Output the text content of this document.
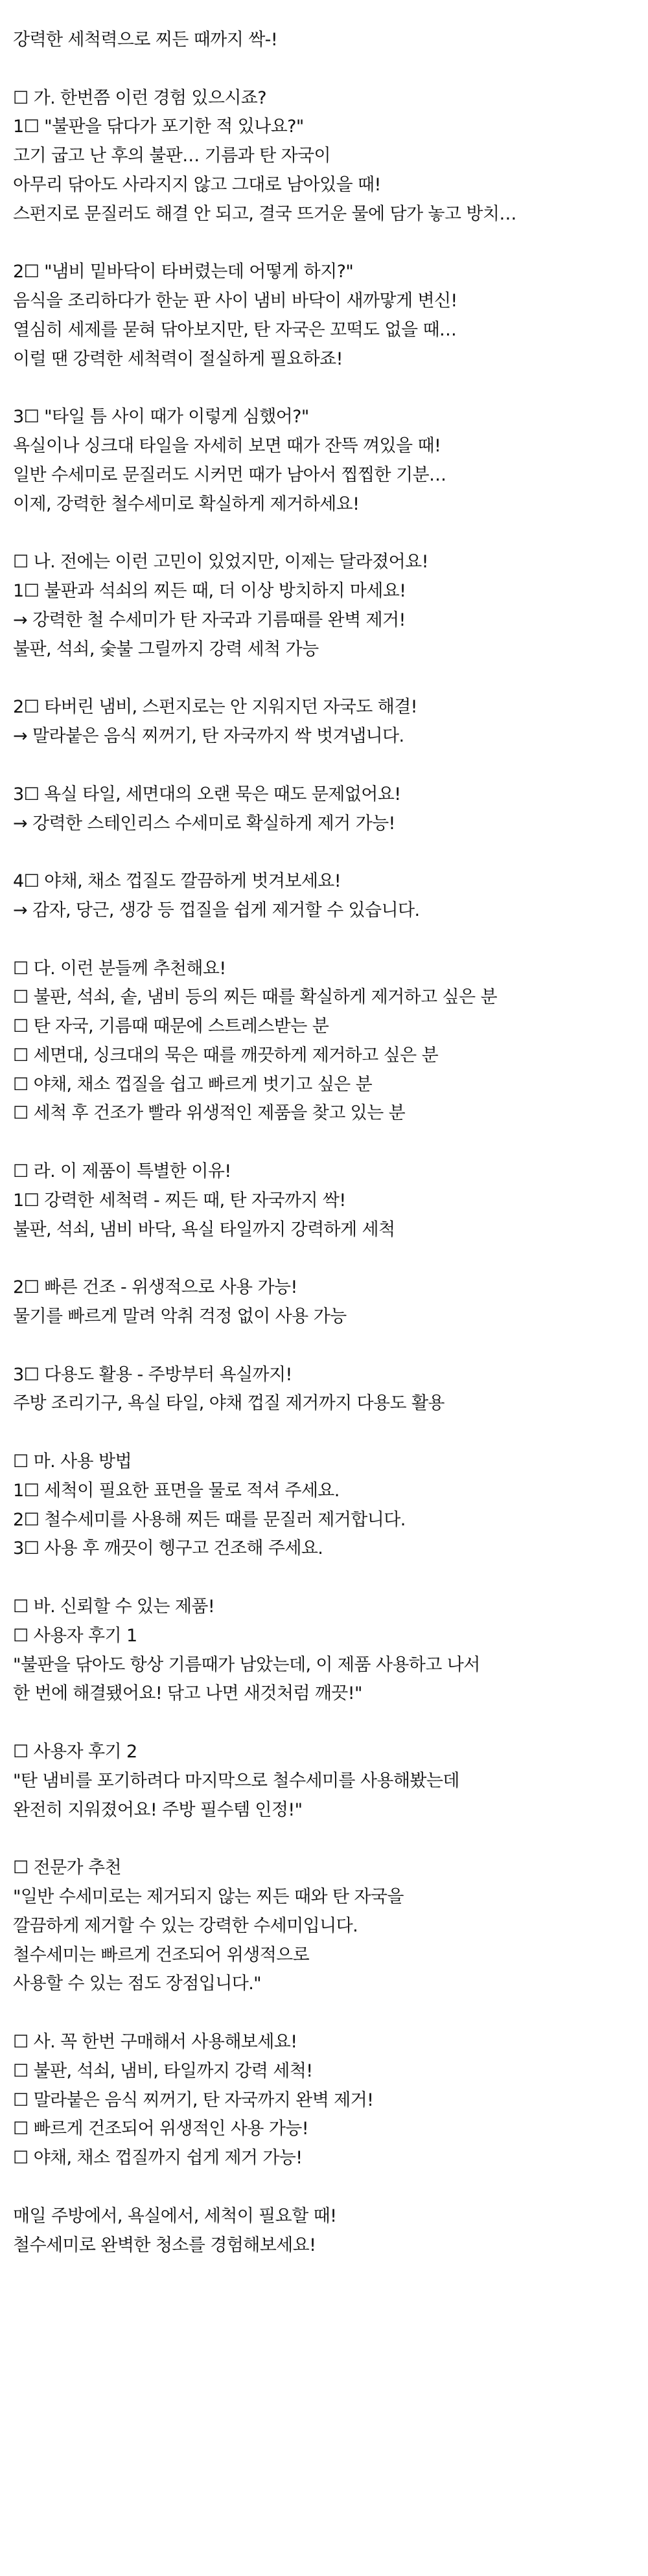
강력한 세척력으로 찌든 때까지 싹-!

☐ 가. 한번쯤 이런 경험 있으시죠?

1☐ "불판을 닦다가 포기한 적 있나요?"

고기 굽고 난 후의 불판… 기름과 탄 자국이

아무리 닦아도 사라지지 않고 그대로 남아있을 때!

스펀지로 문질러도 해결 안 되고, 결국 뜨거운 물에 담가 놓고 방치…

2☐ "냄비 밑바닥이 타버렸는데 어떻게 하지?"

음식을 조리하다가 한눈 판 사이 냄비 바닥이 새까맣게 변신!

열심히 세제를 묻혀 닦아보지만, 탄 자국은 꼬떡도 없을 때…

이럴 땐 강력한 세척력이 절실하게 필요하죠!

3☐ "타일 틈 사이 때가 이렇게 심했어?"

욕실이나 싱크대 타일을 자세히 보면 때가 잔뜩 껴있을 때!

일반 수세미로 문질러도 시커먼 때가 남아서 찝찝한 기분…

이제, 강력한 철수세미로 확실하게 제거하세요!

☐ 나. 전에는 이런 고민이 있었지만, 이제는 달라졌어요!

1☐ 불판과 석쇠의 찌든 때, 더 이상 방치하지 마세요!

→ 강력한 철 수세미가 탄 자국과 기름때를 완벽 제거!

불판, 석쇠, 숯불 그릴까지 강력 세척 가능

2☐ 타버린 냄비, 스펀지로는 안 지워지던 자국도 해결!

→ 말라붙은 음식 찌꺼기, 탄 자국까지 싹 벗겨냅니다.

3☐ 욕실 타일, 세면대의 오랜 묵은 때도 문제없어요!

→ 강력한 스테인리스 수세미로 확실하게 제거 가능!

4☐ 야채, 채소 껍질도 깔끔하게 벗겨보세요!

→ 감자, 당근, 생강 등 껍질을 쉽게 제거할 수 있습니다.

☐ 다. 이런 분들께 추천해요!

☐ 불판, 석쇠, 솥, 냄비 등의 찌든 때를 확실하게 제거하고 싶은 분

☐ 탄 자국, 기름때 때문에 스트레스받는 분

☐ 세면대, 싱크대의 묵은 때를 깨끗하게 제거하고 싶은 분

☐ 야채, 채소 껍질을 쉽고 빠르게 벗기고 싶은 분

☐ 세척 후 건조가 빨라 위생적인 제품을 찾고 있는 분

☐ 라. 이 제품이 특별한 이유!

1☐ 강력한 세척력 - 찌든 때, 탄 자국까지 싹!

불판, 석쇠, 냄비 바닥, 욕실 타일까지 강력하게 세척

2☐ 빠른 건조 - 위생적으로 사용 가능!

물기를 빠르게 말려 악취 걱정 없이 사용 가능

3☐ 다용도 활용 - 주방부터 욕실까지!

주방 조리기구, 욕실 타일, 야채 껍질 제거까지 다용도 활용

☐ 마. 사용 방법

1☐ 세척이 필요한 표면을 물로 적셔 주세요.

2☐ 철수세미를 사용해 찌든 때를 문질러 제거합니다.

3☐ 사용 후 깨끗이 헹구고 건조해 주세요.

☐ 바. 신뢰할 수 있는 제품!

☐ 사용자 후기 1

"불판을 닦아도 항상 기름때가 남았는데, 이 제품 사용하고 나서

한 번에 해결됐어요! 닦고 나면 새것처럼 깨끗!"

☐ 사용자 후기 2

"탄 냄비를 포기하려다 마지막으로 철수세미를 사용해봤는데

완전히 지워졌어요! 주방 필수템 인정!"

☐ 전문가 추천

"일반 수세미로는 제거되지 않는 찌든 때와 탄 자국을

깔끔하게 제거할 수 있는 강력한 수세미입니다.

철수세미는 빠르게 건조되어 위생적으로

사용할 수 있는 점도 장점입니다."

☐ 사. 꼭 한번 구매해서 사용해보세요!

☐ 불판, 석쇠, 냄비, 타일까지 강력 세척!

☐ 말라붙은 음식 찌꺼기, 탄 자국까지 완벽 제거!

☐ 빠르게 건조되어 위생적인 사용 가능!

☐ 야채, 채소 껍질까지 쉽게 제거 가능!

매일 주방에서, 욕실에서, 세척이 필요할 때!

철수세미로 완벽한 청소를 경험해보세요!
